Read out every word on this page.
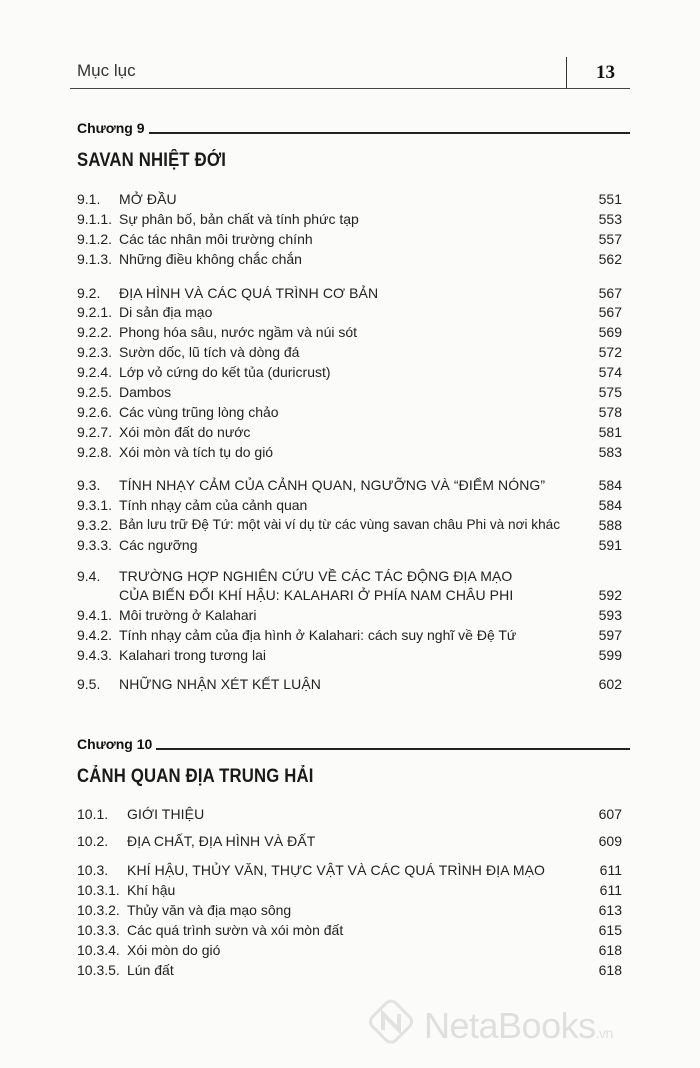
Mục lục	13
Chương 9
SAVAN NHIỆT ĐỚI
9.1. MỞ ĐẦU	551
9.1.1. Sự phân bố, bản chất và tính phức tạp	553
9.1.2. Các tác nhân môi trường chính	557
9.1.3. Những điều không chắc chắn	562
9.2. ĐỊA HÌNH VÀ CÁC QUÁ TRÌNH CƠ BẢN	567
9.2.1. Di sản địa mạo	567
9.2.2. Phong hóa sâu, nước ngầm và núi sót	569
9.2.3. Sườn dốc, lũ tích và dòng đá	572
9.2.4. Lớp vỏ cứng do kết tủa (duricrust)	574
9.2.5. Dambos	575
9.2.6. Các vùng trũng lòng chảo	578
9.2.7. Xói mòn đất do nước	581
9.2.8. Xói mòn và tích tụ do gió	583
9.3. TÍNH NHẠY CẢM CỦA CẢNH QUAN, NGƯỠNG VÀ “ĐIỂM NÓNG”	584
9.3.1. Tính nhạy cảm của cảnh quan	584
9.3.2. Bản lưu trữ Đệ Tứ: một vài ví dụ từ các vùng savan châu Phi và nơi khác	588
9.3.3. Các ngưỡng	591
9.4. TRƯỜNG HỢP NGHIÊN CỨU VỀ CÁC TÁC ĐỘNG ĐỊA MẠO
CỦA BIẾN ĐỔI KHÍ HẬU: KALAHARI Ở PHÍA NAM CHÂU PHI	592
9.4.1. Môi trường ở Kalahari	593
9.4.2. Tính nhạy cảm của địa hình ở Kalahari: cách suy nghĩ về Đệ Tứ	597
9.4.3. Kalahari trong tương lai	599
9.5. NHỮNG NHẬN XÉT KẾT LUẬN	602
Chương 10
CẢNH QUAN ĐỊA TRUNG HẢI
10.1. GIỚI THIỆU	607
10.2. ĐỊA CHẤT, ĐỊA HÌNH VÀ ĐẤT	609
10.3. KHÍ HẬU, THỦY VĂN, THỰC VẬT VÀ CÁC QUÁ TRÌNH ĐỊA MẠO	611
10.3.1. Khí hậu	611
10.3.2. Thủy văn và địa mạo sông	613
10.3.3. Các quá trình sườn và xói mòn đất	615
10.3.4. Xói mòn do gió	618
10.3.5. Lún đất	618
NetaBooks.vn
